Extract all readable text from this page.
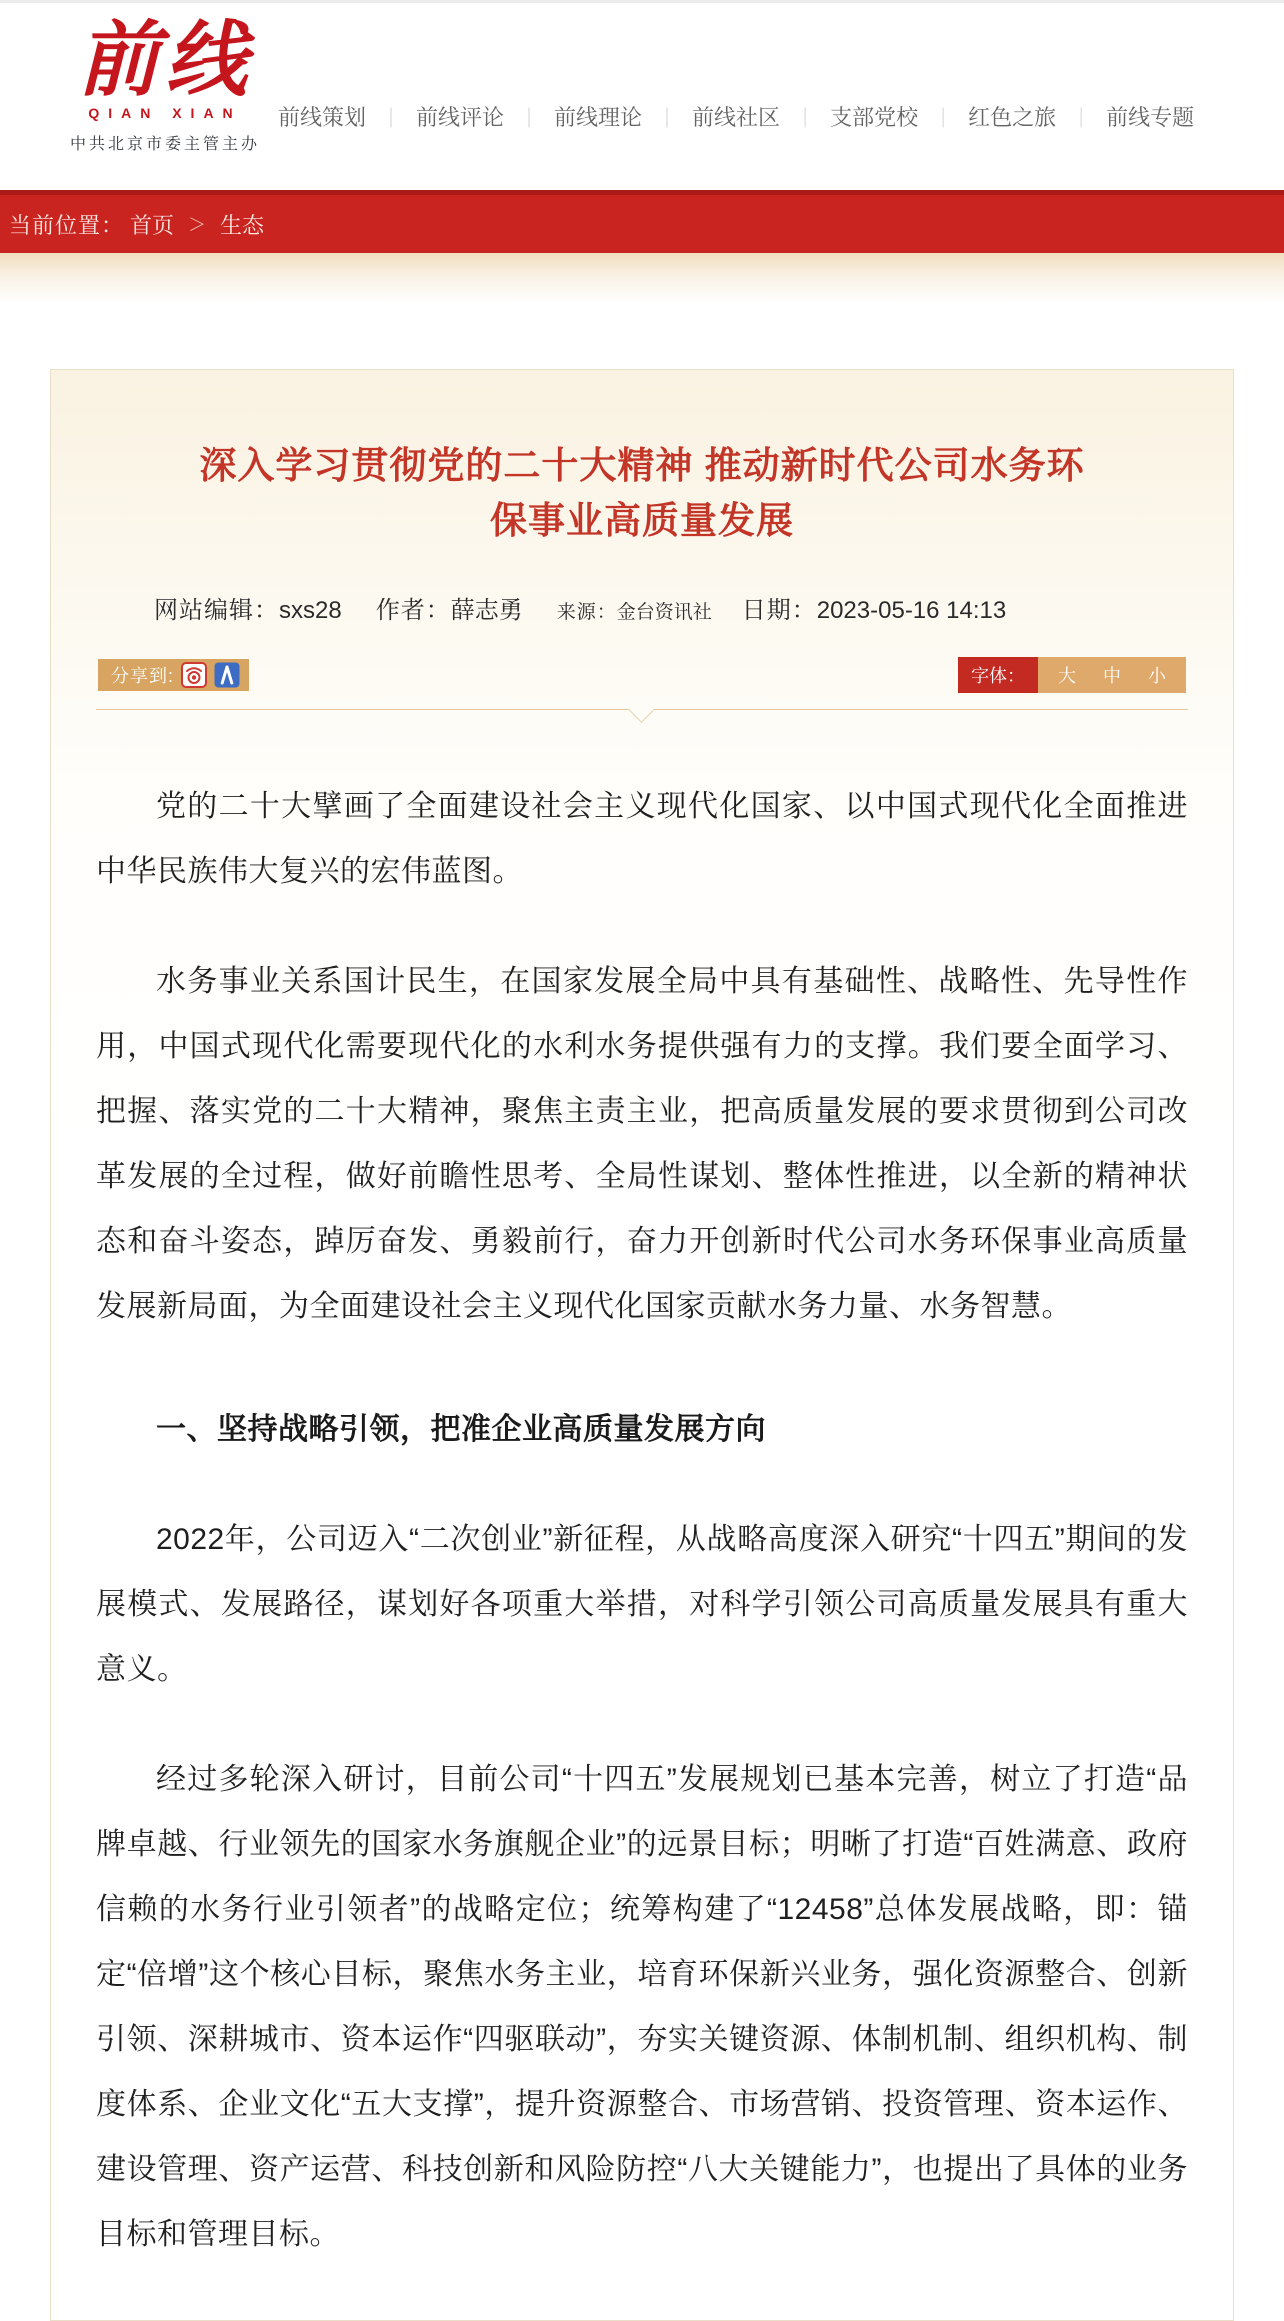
前线
QIAN XIAN
中共北京市委主管主办
前线策划 ｜ 前线评论 ｜ 前线理论 ｜ 前线社区 ｜ 支部党校 ｜ 红色之旅 ｜ 前线专题
当前位置： 首页 ＞ 生态
深入学习贯彻党的二十大精神 推动新时代公司水务环保事业高质量发展
网站编辑：sxs28 作者：薛志勇 来源：金台资讯社 日期：2023-05-16 14:13
分享到:	字体：	大 中 小

党的二十大擘画了全面建设社会主义现代化国家、以中国式现代化全面推进中华民族伟大复兴的宏伟蓝图。

水务事业关系国计民生，在国家发展全局中具有基础性、战略性、先导性作用，中国式现代化需要现代化的水利水务提供强有力的支撑。我们要全面学习、把握、落实党的二十大精神，聚焦主责主业，把高质量发展的要求贯彻到公司改革发展的全过程，做好前瞻性思考、全局性谋划、整体性推进，以全新的精神状态和奋斗姿态，踔厉奋发、勇毅前行，奋力开创新时代公司水务环保事业高质量发展新局面，为全面建设社会主义现代化国家贡献水务力量、水务智慧。

一、坚持战略引领，把准企业高质量发展方向

2022年，公司迈入“二次创业”新征程，从战略高度深入研究“十四五”期间的发展模式、发展路径，谋划好各项重大举措，对科学引领公司高质量发展具有重大意义。

经过多轮深入研讨，目前公司“十四五”发展规划已基本完善，树立了打造“品牌卓越、行业领先的国家水务旗舰企业”的远景目标；明晰了打造“百姓满意、政府信赖的水务行业引领者”的战略定位；统筹构建了“12458”总体发展战略，即：锚定“倍增”这个核心目标，聚焦水务主业，培育环保新兴业务，强化资源整合、创新引领、深耕城市、资本运作“四驱联动”，夯实关键资源、体制机制、组织机构、制度体系、企业文化“五大支撑”，提升资源整合、市场营销、投资管理、资本运作、建设管理、资产运营、科技创新和风险防控“八大关键能力”，也提出了具体的业务目标和管理目标。
